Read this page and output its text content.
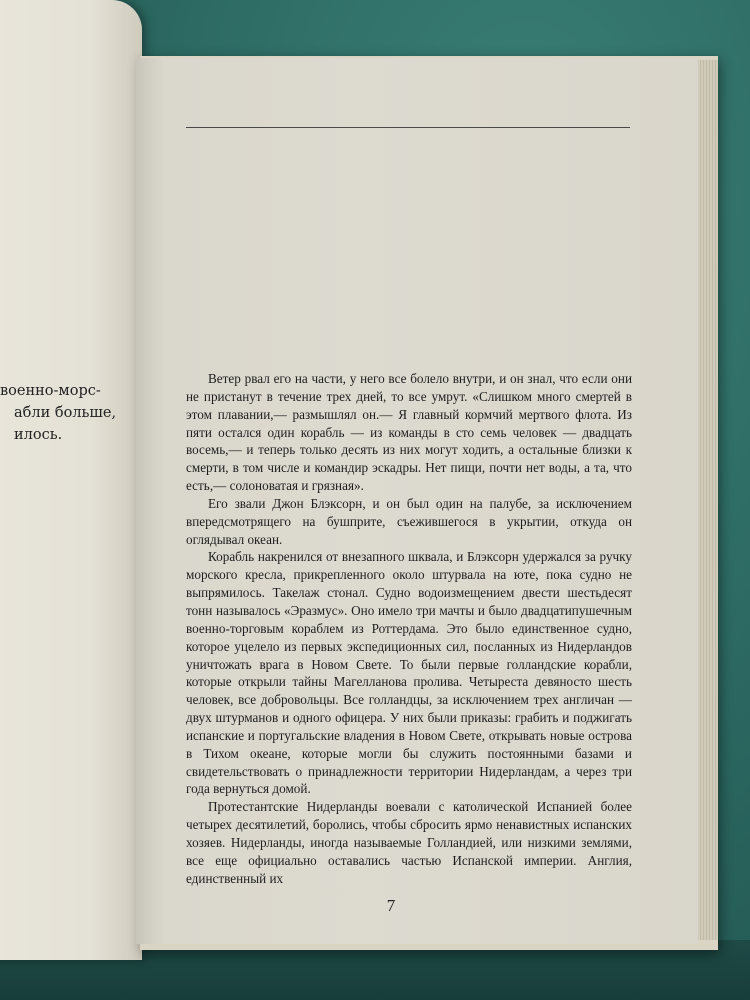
военно-морс-
абли больше,
илось.

Ветер рвал его на части, у него все болело внутри, и он знал, что если они не пристанут в течение трех дней, то все умрут. «Слишком много смертей в этом плавании,— размышлял он.— Я главный кормчий мертвого флота. Из пяти остался один корабль — из команды в сто семь человек — двадцать восемь,— и теперь только десять из них могут ходить, а остальные близки к смерти, в том числе и командир эскадры. Нет пищи, почти нет воды, а та, что есть,— солоноватая и грязная».

Его звали Джон Блэксорн, и он был один на палубе, за исключением впередсмотрящего на бушприте, съежившегося в укрытии, откуда он оглядывал океан.

Корабль накренился от внезапного шквала, и Блэксорн удержался за ручку морского кресла, прикрепленного около штурвала на юте, пока судно не выпрямилось. Такелаж стонал. Судно водоизмещением двести шестьдесят тонн называлось «Эразмус». Оно имело три мачты и было двадцатипушечным военно-торговым кораблем из Роттердама. Это было единственное судно, которое уцелело из первых экспедиционных сил, посланных из Нидерландов уничтожать врага в Новом Свете. То были первые голландские корабли, которые открыли тайны Магелланова пролива. Четыреста девяносто шесть человек, все добровольцы. Все голландцы, за исключением трех англичан — двух штурманов и одного офицера. У них были приказы: грабить и поджигать испанские и португальские владения в Новом Свете, открывать новые острова в Тихом океане, которые могли бы служить постоянными базами и свидетельствовать о принадлежности территории Нидерландам, а через три года вернуться домой.

Протестантские Нидерланды воевали с католической Испанией более четырех десятилетий, боролись, чтобы сбросить ярмо ненавистных испанских хозяев. Нидерланды, иногда называемые Голландией, или низкими землями, все еще официально оставались частью Испанской империи. Англия, единственный их

7
